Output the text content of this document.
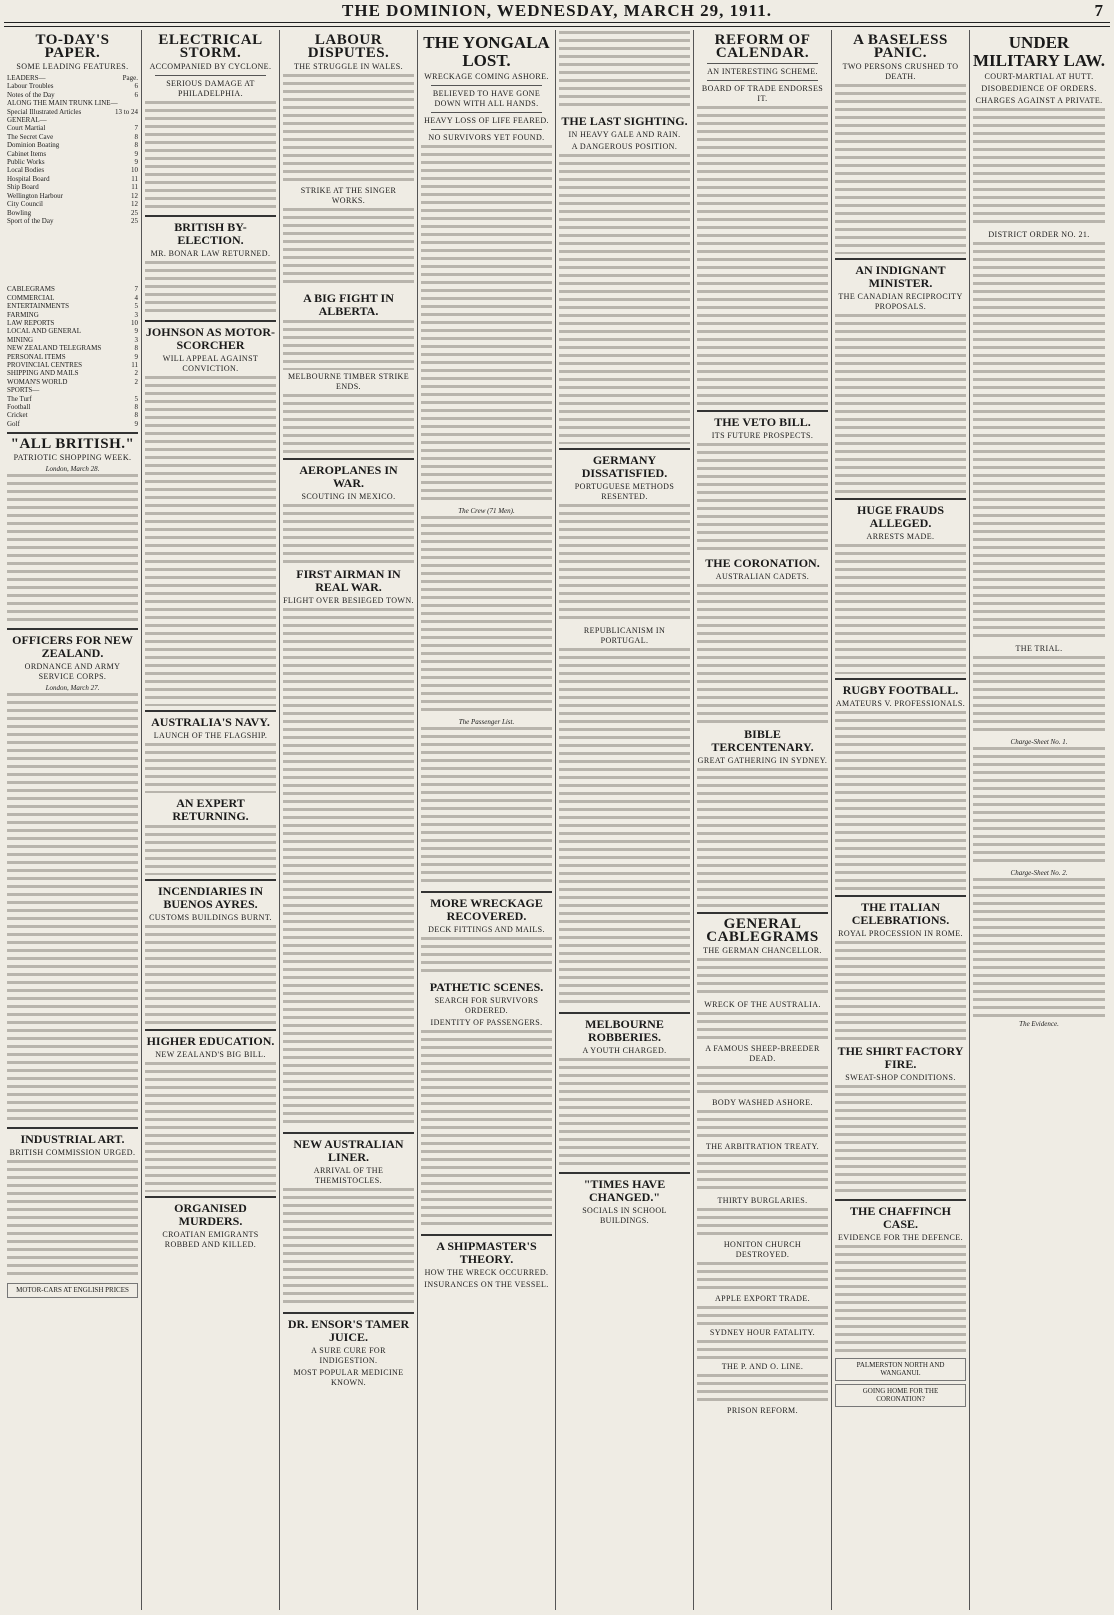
THE DOMINION, WEDNESDAY, MARCH 29, 1911.	7
TO-DAY'S PAPER.
SOME LEADING FEATURES.
LEADERS—	Page.
Labour Troubles	6
Notes of the Day	6
ALONG THE MAIN TRUNK LINE—
Special Illustrated Articles	13 to 24
GENERAL—
Court Martial	7
The Secret Cave	8
Dominion Boating	8
Cabinet Items	9
Public Works	9
Local Bodies	10
Hospital Board	11
Ship Board	11
Wellington Harbour	12
City Council	12
Bowling	25
Sport of the Day	25
CABLEGRAMS	7
COMMERCIAL	4
ENTERTAINMENTS	5
FARMING	3
LAW REPORTS	10
LOCAL AND GENERAL	9
MINING	3
NEW ZEALAND TELEGRAMS	8
PERSONAL ITEMS	9
PROVINCIAL CENTRES	11
SHIPPING AND MAILS	2
WOMAN'S WORLD	2
SPORTS—
The Turf	5
Football	8
Cricket	8
Golf	9
"ALL BRITISH."
PATRIOTIC SHOPPING WEEK.
London, March 28.
OFFICERS FOR NEW ZEALAND.
ORDNANCE AND ARMY SERVICE CORPS.
London, March 27.
INDUSTRIAL ART.
BRITISH COMMISSION URGED.
MOTOR-CARS AT ENGLISH PRICES
ELECTRICAL STORM.
ACCOMPANIED BY CYCLONE.
SERIOUS DAMAGE AT PHILADELPHIA.
BRITISH BY-ELECTION.
MR. BONAR LAW RETURNED.
JOHNSON AS MOTOR-SCORCHER
WILL APPEAL AGAINST CONVICTION.
AUSTRALIA'S NAVY.
LAUNCH OF THE FLAGSHIP.
AN EXPERT RETURNING.
INCENDIARIES IN BUENOS AYRES.
CUSTOMS BUILDINGS BURNT.
HIGHER EDUCATION.
NEW ZEALAND'S BIG BILL.
ORGANISED MURDERS.
CROATIAN EMIGRANTS ROBBED AND KILLED.
LABOUR DISPUTES.
THE STRUGGLE IN WALES.
STRIKE AT THE SINGER WORKS.
A BIG FIGHT IN ALBERTA.
MELBOURNE TIMBER STRIKE ENDS.
AEROPLANES IN WAR.
SCOUTING IN MEXICO.
FIRST AIRMAN IN REAL WAR.
FLIGHT OVER BESIEGED TOWN.
NEW AUSTRALIAN LINER.
ARRIVAL OF THE THEMISTOCLES.
DR. ENSOR'S TAMER JUICE.
A SURE CURE FOR INDIGESTION.
MOST POPULAR MEDICINE KNOWN.
THE YONGALA LOST.
WRECKAGE COMING ASHORE.
BELIEVED TO HAVE GONE DOWN WITH ALL HANDS.
HEAVY LOSS OF LIFE FEARED.
NO SURVIVORS YET FOUND.
The Crew (71 Men).
The Passenger List.
MORE WRECKAGE RECOVERED.
DECK FITTINGS AND MAILS.
PATHETIC SCENES.
SEARCH FOR SURVIVORS ORDERED.
IDENTITY OF PASSENGERS.
A SHIPMASTER'S THEORY.
HOW THE WRECK OCCURRED.
INSURANCES ON THE VESSEL.
THE LAST SIGHTING.
IN HEAVY GALE AND RAIN.
A DANGEROUS POSITION.
GERMANY DISSATISFIED.
PORTUGUESE METHODS RESENTED.
REPUBLICANISM IN PORTUGAL.
MELBOURNE ROBBERIES.
A YOUTH CHARGED.
"TIMES HAVE CHANGED."
SOCIALS IN SCHOOL BUILDINGS.
REFORM OF CALENDAR.
AN INTERESTING SCHEME.
BOARD OF TRADE ENDORSES IT.
THE VETO BILL.
ITS FUTURE PROSPECTS.
THE CORONATION.
AUSTRALIAN CADETS.
BIBLE TERCENTENARY.
GREAT GATHERING IN SYDNEY.
GENERAL CABLEGRAMS
THE GERMAN CHANCELLOR.
WRECK OF THE AUSTRALIA.
A FAMOUS SHEEP-BREEDER DEAD.
BODY WASHED ASHORE.
THE ARBITRATION TREATY.
THIRTY BURGLARIES.
HONITON CHURCH DESTROYED.
APPLE EXPORT TRADE.
SYDNEY HOUR FATALITY.
THE P. AND O. LINE.
PRISON REFORM.
A BASELESS PANIC.
TWO PERSONS CRUSHED TO DEATH.
AN INDIGNANT MINISTER.
THE CANADIAN RECIPROCITY PROPOSALS.
HUGE FRAUDS ALLEGED.
ARRESTS MADE.
RUGBY FOOTBALL.
AMATEURS V. PROFESSIONALS.
THE ITALIAN CELEBRATIONS.
ROYAL PROCESSION IN ROME.
THE SHIRT FACTORY FIRE.
SWEAT-SHOP CONDITIONS.
THE CHAFFINCH CASE.
EVIDENCE FOR THE DEFENCE.
PALMERSTON NORTH AND WANGANUI.
GOING HOME FOR THE CORONATION?
UNDER MILITARY LAW.
COURT-MARTIAL AT HUTT.
DISOBEDIENCE OF ORDERS.
CHARGES AGAINST A PRIVATE.
DISTRICT ORDER NO. 21.
THE TRIAL.
Charge-Sheet No. 1.
Charge-Sheet No. 2.
The Evidence.
